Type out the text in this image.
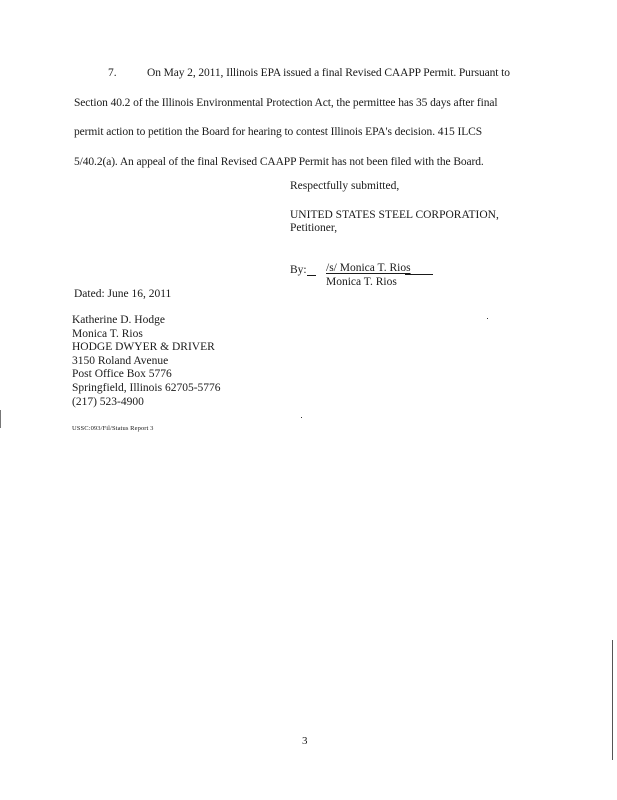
7.	On May 2, 2011, Illinois EPA issued a final Revised CAAPP Permit. Pursuant to
Section 40.2 of the Illinois Environmental Protection Act, the permittee has 35 days after final
permit action to petition the Board for hearing to contest Illinois EPA's decision. 415 ILCS
5/40.2(a). An appeal of the final Revised CAAPP Permit has not been filed with the Board.
Respectfully submitted,
UNITED STATES STEEL CORPORATION,
Petitioner,
By: /s/ Monica T. Rios
Monica T. Rios
Dated: June 16, 2011
Katherine D. Hodge
Monica T. Rios
HODGE DWYER & DRIVER
3150 Roland Avenue
Post Office Box 5776
Springfield, Illinois 62705-5776
(217) 523-4900
USSC:093/Fil/Status Report 3
3
